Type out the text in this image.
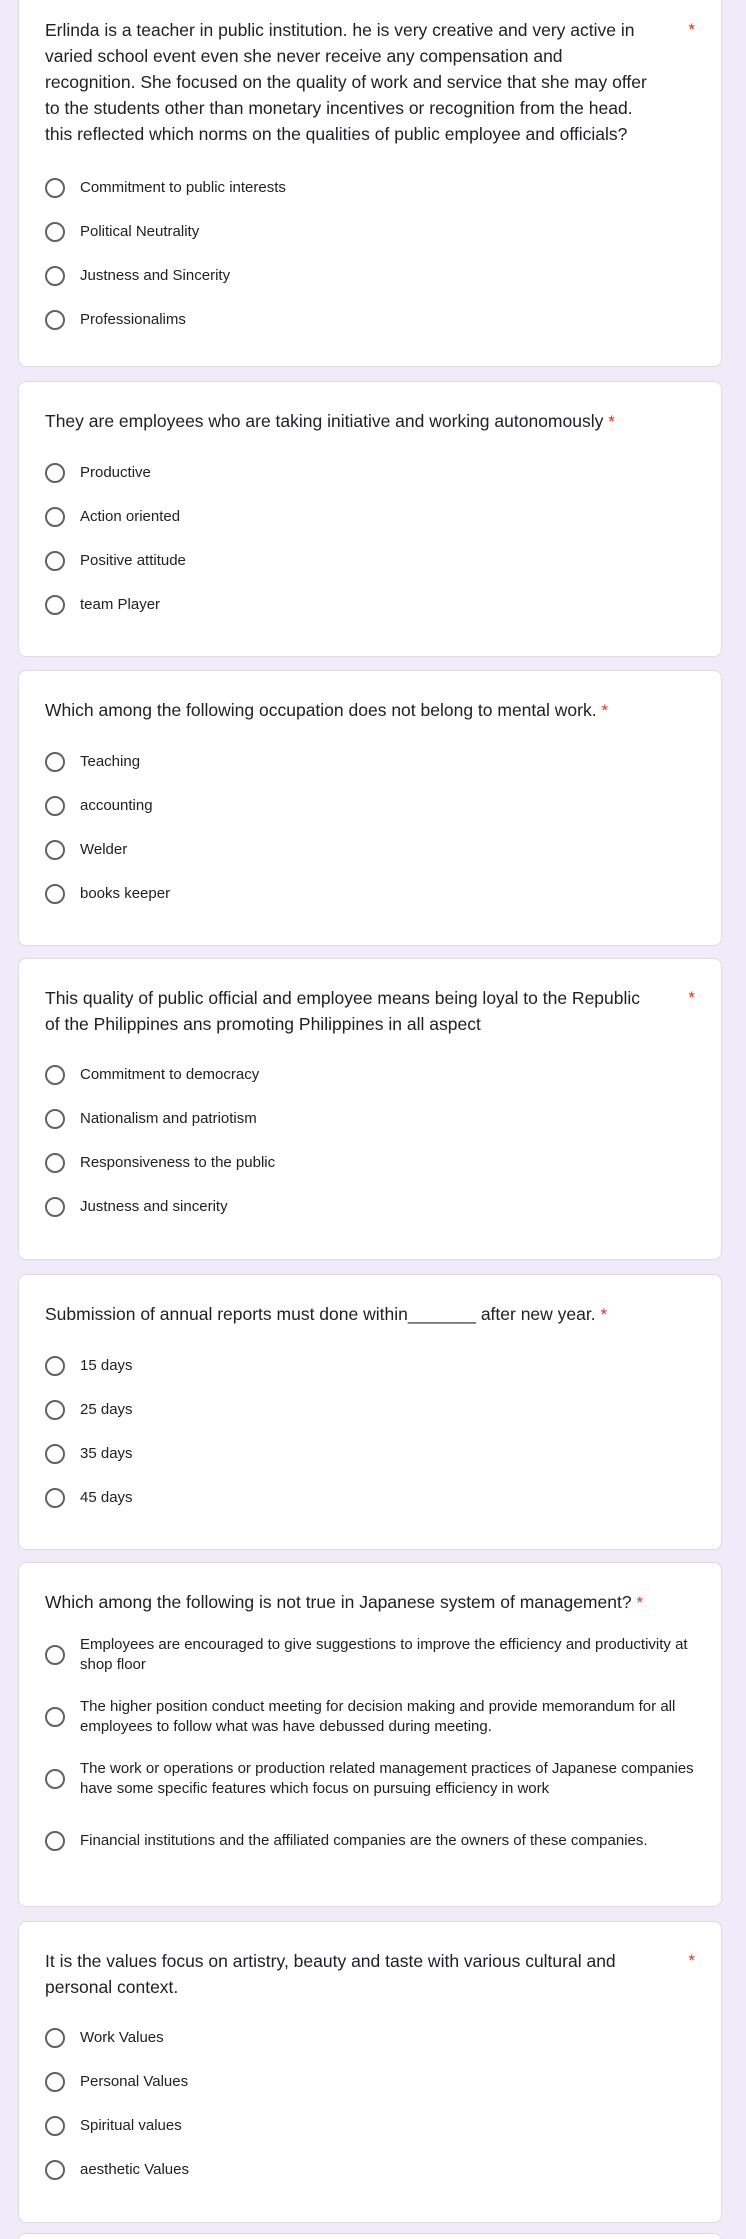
Erlinda is a teacher in public institution. he is very creative and very active in varied school event even she never receive any compensation and recognition. She focused on the quality of work and service that she may offer to the students other than monetary incentives or recognition from the head. this reflected which norms on the qualities of public employee and officials?
*
Commitment to public interests
Political Neutrality
Justness and Sincerity
Professionalims
They are employees who are taking initiative and working autonomously *
Productive
Action oriented
Positive attitude
team Player
Which among the following occupation does not belong to mental work. *
Teaching
accounting
Welder
books keeper
This quality of public official and employee means being loyal to the Republic of the Philippines ans promoting Philippines in all aspect
*
Commitment to democracy
Nationalism and patriotism
Responsiveness to the public
Justness and sincerity
Submission of annual reports must done within_______ after new year. *
15 days
25 days
35 days
45 days
Which among the following is not true in Japanese system of management? *
Employees are encouraged to give suggestions to improve the efficiency and productivity at shop floor
The higher position conduct meeting for decision making and provide memorandum for all employees to follow what was have debussed during meeting.
The work or operations or production related management practices of Japanese companies have some specific features which focus on pursuing efficiency in work
Financial institutions and the affiliated companies are the owners of these companies.
It is the values focus on artistry, beauty and taste with various cultural and personal context.
*
Work Values
Personal Values
Spiritual values
aesthetic Values
